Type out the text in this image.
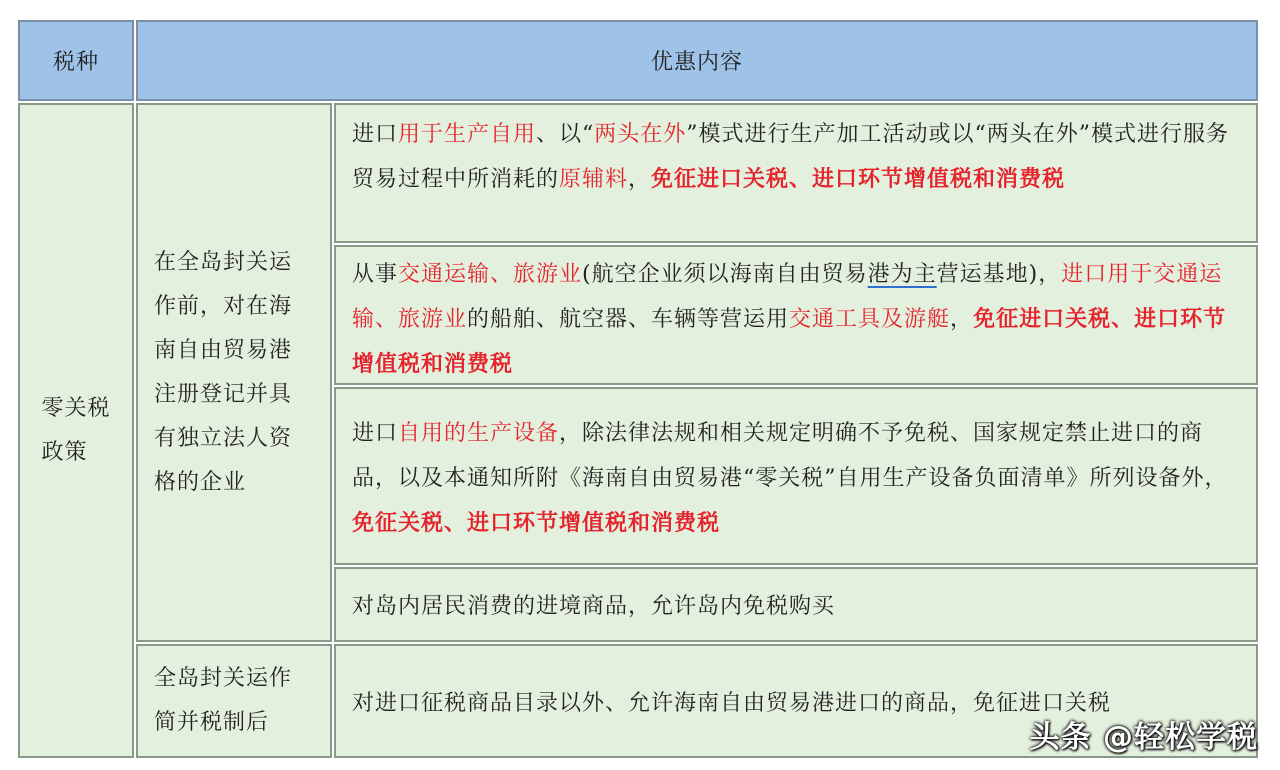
税种	优惠内容
零关税
政策
在全岛封关运
作前，对在海
南自由贸易港
注册登记并具
有独立法人资
格的企业
全岛封关运作
简并税制后
进口用于生产自用、以“两头在外”模式进行生产加工活动或以“两头在外”模式进行服务贸易过程中所消耗的原辅料，免征进口关税、进口环节增值税和消费税
从事交通运输、旅游业(航空企业须以海南自由贸易港为主营运基地)，进口用于交通运输、旅游业的船舶、航空器、车辆等营运用交通工具及游艇，免征进口关税、进口环节增值税和消费税
进口自用的生产设备，除法律法规和相关规定明确不予免税、国家规定禁止进口的商品，以及本通知所附《海南自由贸易港“零关税”自用生产设备负面清单》所列设备外，免征关税、进口环节增值税和消费税
对岛内居民消费的进境商品，允许岛内免税购买
对进口征税商品目录以外、允许海南自由贸易港进口的商品，免征进口关税
头条 @轻松学税
